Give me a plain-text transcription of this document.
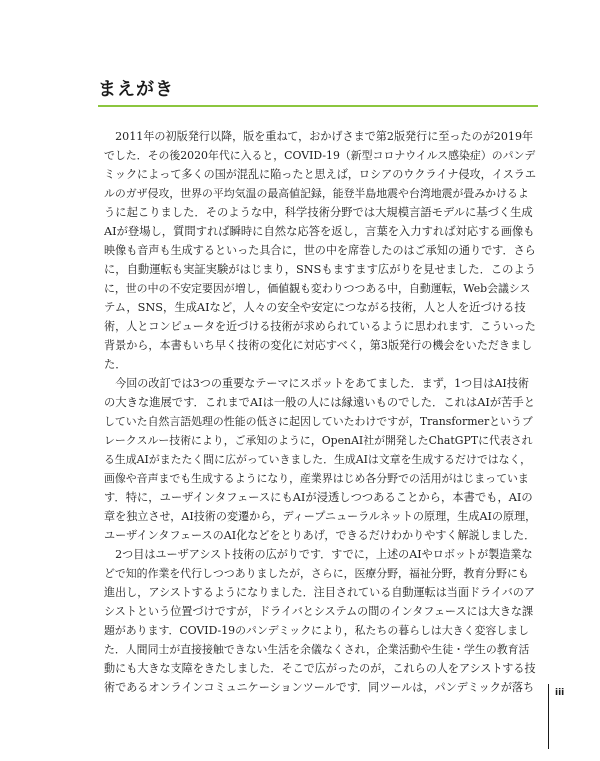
まえがき
　2011年の初版発行以降，版を重ねて，おかげさまで第2版発行に至ったのが2019年
でした．その後2020年代に入ると，COVID-19（新型コロナウイルス感染症）のパンデ
ミックによって多くの国が混乱に陥ったと思えば，ロシアのウクライナ侵攻，イスラエ
ルのガザ侵攻，世界の平均気温の最高値記録，能登半島地震や台湾地震が畳みかけるよ
うに起こりました．そのような中，科学技術分野では大規模言語モデルに基づく生成
AIが登場し，質問すれば瞬時に自然な応答を返し，言葉を入力すれば対応する画像も
映像も音声も生成するといった具合に，世の中を席巻したのはご承知の通りです．さら
に，自動運転も実証実験がはじまり，SNSもますます広がりを見せました．このよう
に，世の中の不安定要因が増し，価値観も変わりつつある中，自動運転，Web会議シス
テム，SNS，生成AIなど，人々の安全や安定につながる技術，人と人を近づける技
術，人とコンピュータを近づける技術が求められているように思われます．こういった
背景から，本書もいち早く技術の変化に対応すべく，第3版発行の機会をいただきまし
た．
　今回の改訂では3つの重要なテーマにスポットをあてました．まず，1つ目はAI技術
の大きな進展です．これまでAIは一般の人には縁遠いものでした．これはAIが苦手と
していた自然言語処理の性能の低さに起因していたわけですが，Transformerというブ
レークスルー技術により，ご承知のように，OpenAI社が開発したChatGPTに代表され
る生成AIがまたたく間に広がっていきました．生成AIは文章を生成するだけではなく，
画像や音声までも生成するようになり，産業界はじめ各分野での活用がはじまっていま
す．特に，ユーザインタフェースにもAIが浸透しつつあることから，本書でも，AIの
章を独立させ，AI技術の変遷から，ディープニューラルネットの原理，生成AIの原理，
ユーザインタフェースのAI化などをとりあげ，できるだけわかりやすく解説しました．
　2つ目はユーザアシスト技術の広がりです．すでに，上述のAIやロボットが製造業な
どで知的作業を代行しつつありましたが，さらに，医療分野，福祉分野，教育分野にも
進出し，アシストするようになりました．注目されている自動運転は当面ドライバのア
シストという位置づけですが，ドライバとシステムの間のインタフェースには大きな課
題があります．COVID-19のパンデミックにより，私たちの暮らしは大きく変容しまし
た．人間同士が直接接触できない生活を余儀なくされ，企業活動や生徒・学生の教育活
動にも大きな支障をきたしました．そこで広がったのが，これらの人をアシストする技
術であるオンラインコミュニケーションツールです．同ツールは，パンデミックが落ち iii
